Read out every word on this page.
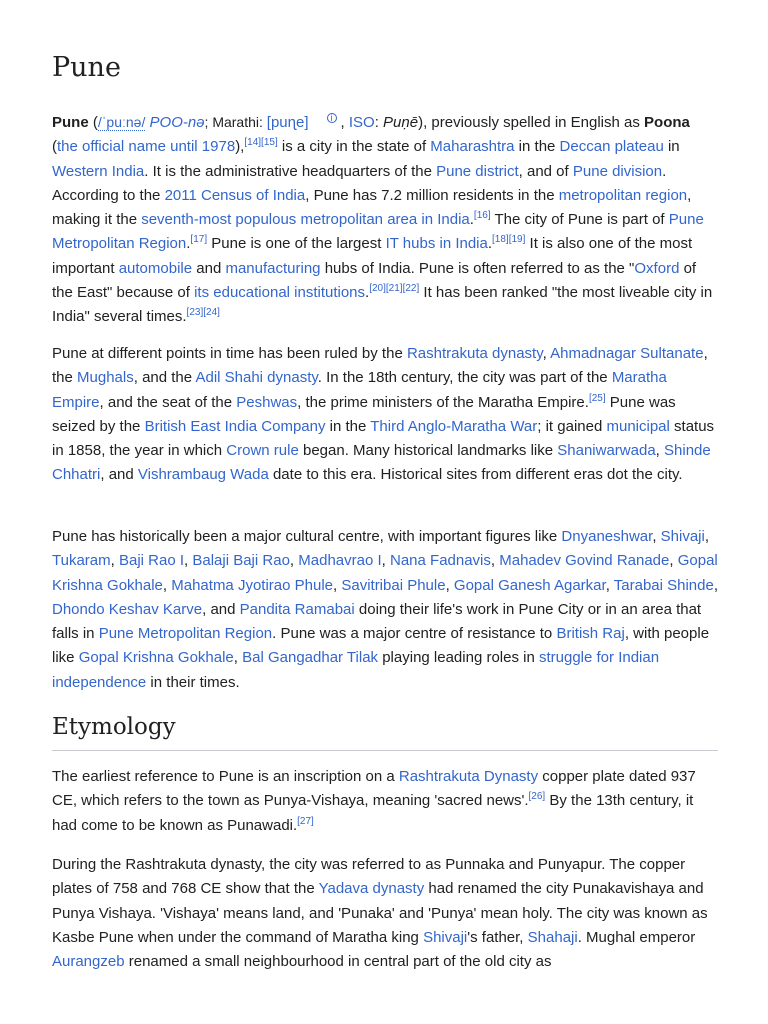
Pune

Pune (/ˈpuːnə/ POO-nə; Marathi: [puɳe] i , ISO: Puṇē), previously spelled in English as Poona (the official name until 1978),[14][15] is a city in the state of Maharashtra in the Deccan plateau in Western India. It is the administrative headquarters of the Pune district, and of Pune division. According to the 2011 Census of India, Pune has 7.2 million residents in the metropolitan region, making it the seventh-most populous metropolitan area in India.[16] The city of Pune is part of Pune Metropolitan Region.[17] Pune is one of the largest IT hubs in India.[18][19] It is also one of the most important automobile and manufacturing hubs of India. Pune is often referred to as the "Oxford of the East" because of its educational institutions.[20][21][22] It has been ranked "the most liveable city in India" several times.[23][24]

Pune at different points in time has been ruled by the Rashtrakuta dynasty, Ahmadnagar Sultanate, the Mughals, and the Adil Shahi dynasty. In the 18th century, the city was part of the Maratha Empire, and the seat of the Peshwas, the prime ministers of the Maratha Empire.[25] Pune was seized by the British East India Company in the Third Anglo-Maratha War; it gained municipal status in 1858, the year in which Crown rule began. Many historical landmarks like Shaniwarwada, Shinde Chhatri, and Vishrambaug Wada date to this era. Historical sites from different eras dot the city.

Pune has historically been a major cultural centre, with important figures like Dnyaneshwar, Shivaji, Tukaram, Baji Rao I, Balaji Baji Rao, Madhavrao I, Nana Fadnavis, Mahadev Govind Ranade, Gopal Krishna Gokhale, Mahatma Jyotirao Phule, Savitribai Phule, Gopal Ganesh Agarkar, Tarabai Shinde, Dhondo Keshav Karve, and Pandita Ramabai doing their life's work in Pune City or in an area that falls in Pune Metropolitan Region. Pune was a major centre of resistance to British Raj, with people like Gopal Krishna Gokhale, Bal Gangadhar Tilak playing leading roles in struggle for Indian independence in their times.

Etymology

The earliest reference to Pune is an inscription on a Rashtrakuta Dynasty copper plate dated 937 CE, which refers to the town as Punya-Vishaya, meaning 'sacred news'.[26] By the 13th century, it had come to be known as Punawadi.[27]

During the Rashtrakuta dynasty, the city was referred to as Punnaka and Punyapur. The copper plates of 758 and 768 CE show that the Yadava dynasty had renamed the city Punakavishaya and Punya Vishaya. 'Vishaya' means land, and 'Punaka' and 'Punya' mean holy. The city was known as Kasbe Pune when under the command of Maratha king Shivaji's father, Shahaji. Mughal emperor Aurangzeb renamed a small neighbourhood in central part of the old city as
